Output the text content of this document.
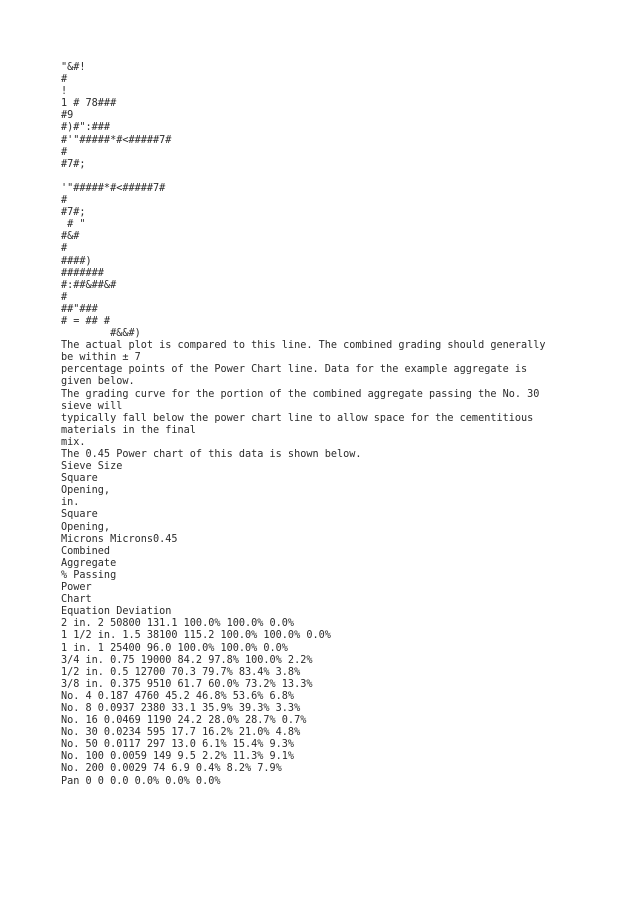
"&#!
#
!
1 # 78###
#9
#)#":###
#'"#####*#<#####7#
#
#7#;
'"#####*#<#####7#
#
#7#;
# "
#&#
#
####)
#######
#:##&##&#
#
##"###
# = ## #
#&&#)
The actual plot is compared to this line. The combined grading should generally
be within ± 7
percentage points of the Power Chart line. Data for the example aggregate is
given below.
The grading curve for the portion of the combined aggregate passing the No. 30
sieve will
typically fall below the power chart line to allow space for the cementitious
materials in the final
mix.
The 0.45 Power chart of this data is shown below.
Sieve Size
Square
Opening,
in.
Square
Opening,
Microns Microns0.45
Combined
Aggregate
% Passing
Power
Chart
Equation Deviation
2 in. 2 50800 131.1 100.0% 100.0% 0.0%
1 1/2 in. 1.5 38100 115.2 100.0% 100.0% 0.0%
1 in. 1 25400 96.0 100.0% 100.0% 0.0%
3/4 in. 0.75 19000 84.2 97.8% 100.0% 2.2%
1/2 in. 0.5 12700 70.3 79.7% 83.4% 3.8%
3/8 in. 0.375 9510 61.7 60.0% 73.2% 13.3%
No. 4 0.187 4760 45.2 46.8% 53.6% 6.8%
No. 8 0.0937 2380 33.1 35.9% 39.3% 3.3%
No. 16 0.0469 1190 24.2 28.0% 28.7% 0.7%
No. 30 0.0234 595 17.7 16.2% 21.0% 4.8%
No. 50 0.0117 297 13.0 6.1% 15.4% 9.3%
No. 100 0.0059 149 9.5 2.2% 11.3% 9.1%
No. 200 0.0029 74 6.9 0.4% 8.2% 7.9%
Pan 0 0 0.0 0.0% 0.0% 0.0%
